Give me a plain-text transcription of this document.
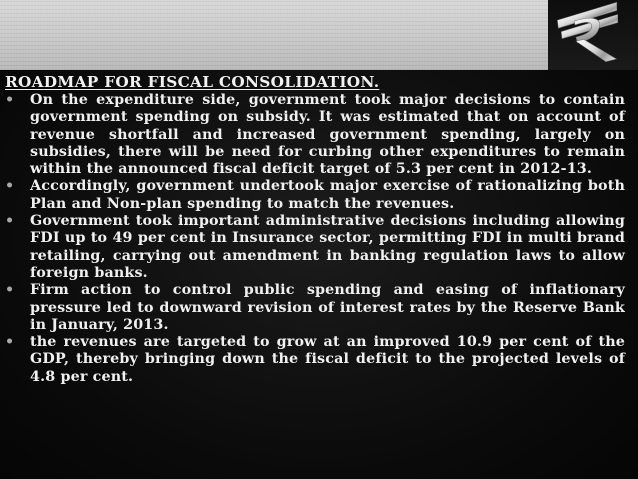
ROADMAP FOR FISCAL CONSOLIDATION.
•	On the expenditure side, government took major decisions to contain government spending on subsidy. It was estimated that on account of revenue shortfall and increased government spending, largely on subsidies, there will be need for curbing other expenditures to remain within the announced fiscal deficit target of 5.3 per cent in 2012-13.
•	Accordingly, government undertook major exercise of rationalizing both Plan and Non-plan spending to match the revenues.
•	Government took important administrative decisions including allowing FDI up to 49 per cent in Insurance sector, permitting FDI in multi brand retailing, carrying out amendment in banking regulation laws to allow foreign banks.
•	Firm action to control public spending and easing of inflationary pressure led to downward revision of interest rates by the Reserve Bank in January, 2013.
•	the revenues are targeted to grow at an improved 10.9 per cent of the GDP, thereby bringing down the fiscal deficit to the projected levels of 4.8 per cent.
